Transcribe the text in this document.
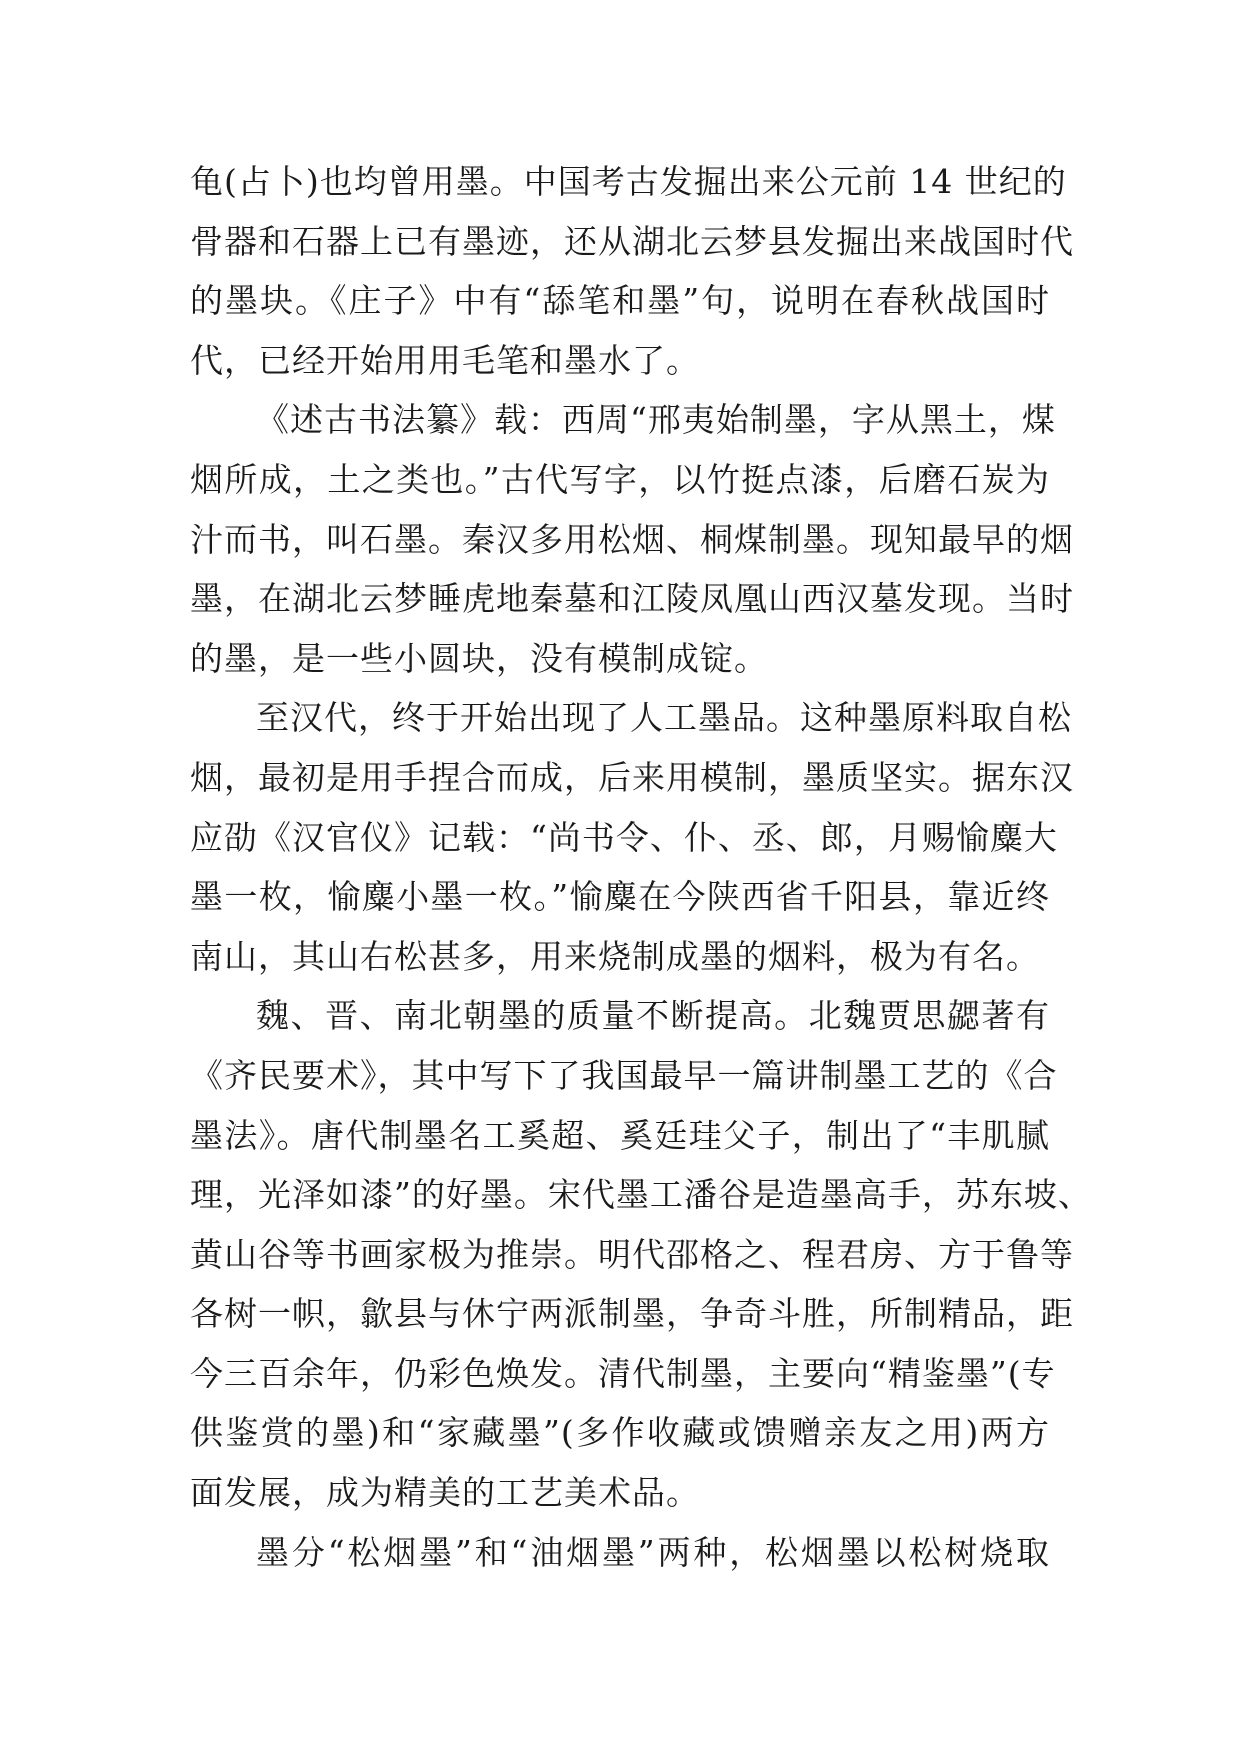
龟(占卜)也均曾用墨。中国考古发掘出来公元前 14 世纪的
骨器和石器上已有墨迹，还从湖北云梦县发掘出来战国时代
的墨块。《庄子》中有“舔笔和墨”句，说明在春秋战国时
代，已经开始用用毛笔和墨水了。
《述古书法纂》载：西周“邢夷始制墨，字从黑土，煤
烟所成，土之类也。”古代写字，以竹挺点漆，后磨石炭为
汁而书，叫石墨。秦汉多用松烟、桐煤制墨。现知最早的烟
墨，在湖北云梦睡虎地秦墓和江陵凤凰山西汉墓发现。当时
的墨，是一些小圆块，没有模制成锭。
至汉代，终于开始出现了人工墨品。这种墨原料取自松
烟，最初是用手捏合而成，后来用模制，墨质坚实。据东汉
应劭《汉官仪》记载：“尚书令、仆、丞、郎，月赐愉麋大
墨一枚，愉麋小墨一枚。”愉麋在今陕西省千阳县，靠近终
南山，其山右松甚多，用来烧制成墨的烟料，极为有名。
魏、晋、南北朝墨的质量不断提高。北魏贾思勰著有
《齐民要术》，其中写下了我国最早一篇讲制墨工艺的《合
墨法》。唐代制墨名工奚超、奚廷珪父子，制出了“丰肌腻
理，光泽如漆”的好墨。宋代墨工潘谷是造墨高手，苏东坡、
黄山谷等书画家极为推崇。明代邵格之、程君房、方于鲁等
各树一帜，歙县与休宁两派制墨，争奇斗胜，所制精品，距
今三百余年，仍彩色焕发。清代制墨，主要向“精鉴墨”(专
供鉴赏的墨)和“家藏墨”(多作收藏或馈赠亲友之用)两方
面发展，成为精美的工艺美术品。
墨分“松烟墨”和“油烟墨”两种，松烟墨以松树烧取
